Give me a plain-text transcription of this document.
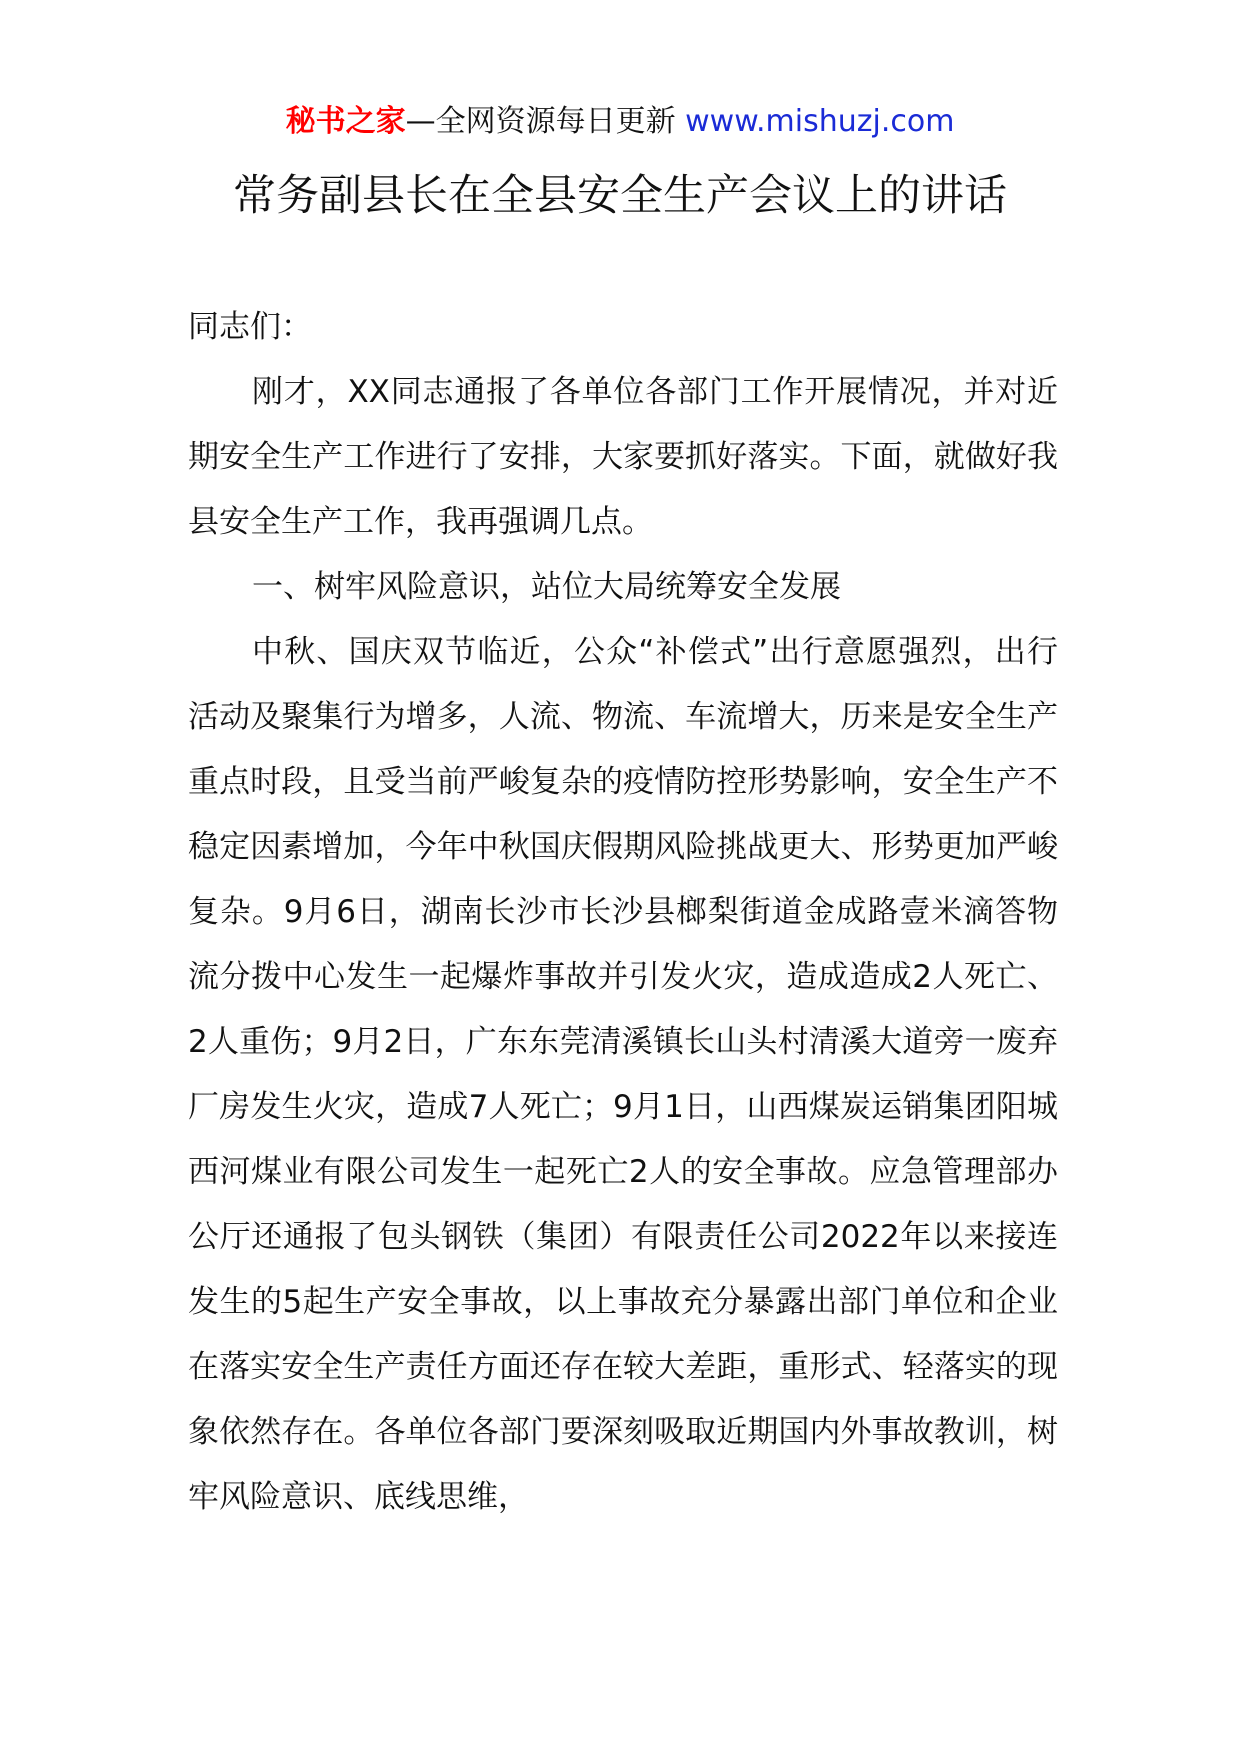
秘书之家—全网资源每日更新 www.mishuzj.com
常务副县长在全县安全生产会议上的讲话

同志们：

刚才，XX同志通报了各单位各部门工作开展情况，并对近期安全生产工作进行了安排，大家要抓好落实。下面，就做好我县安全生产工作，我再强调几点。

一、树牢风险意识，站位大局统筹安全发展

中秋、国庆双节临近，公众“补偿式”出行意愿强烈，出行活动及聚集行为增多，人流、物流、车流增大，历来是安全生产重点时段，且受当前严峻复杂的疫情防控形势影响，安全生产不稳定因素增加，今年中秋国庆假期风险挑战更大、形势更加严峻复杂。9月6日，湖南长沙市长沙县榔梨街道金成路壹米滴答物流分拨中心发生一起爆炸事故并引发火灾，造成造成2人死亡、2人重伤；9月2日，广东东莞清溪镇长山头村清溪大道旁一废弃厂房发生火灾，造成7人死亡；9月1日，山西煤炭运销集团阳城西河煤业有限公司发生一起死亡2人的安全事故。应急管理部办公厅还通报了包头钢铁（集团）有限责任公司2022年以来接连发生的5起生产安全事故，以上事故充分暴露出部门单位和企业在落实安全生产责任方面还存在较大差距，重形式、轻落实的现象依然存在。各单位各部门要深刻吸取近期国内外事故教训，树牢风险意识、底线思维，
